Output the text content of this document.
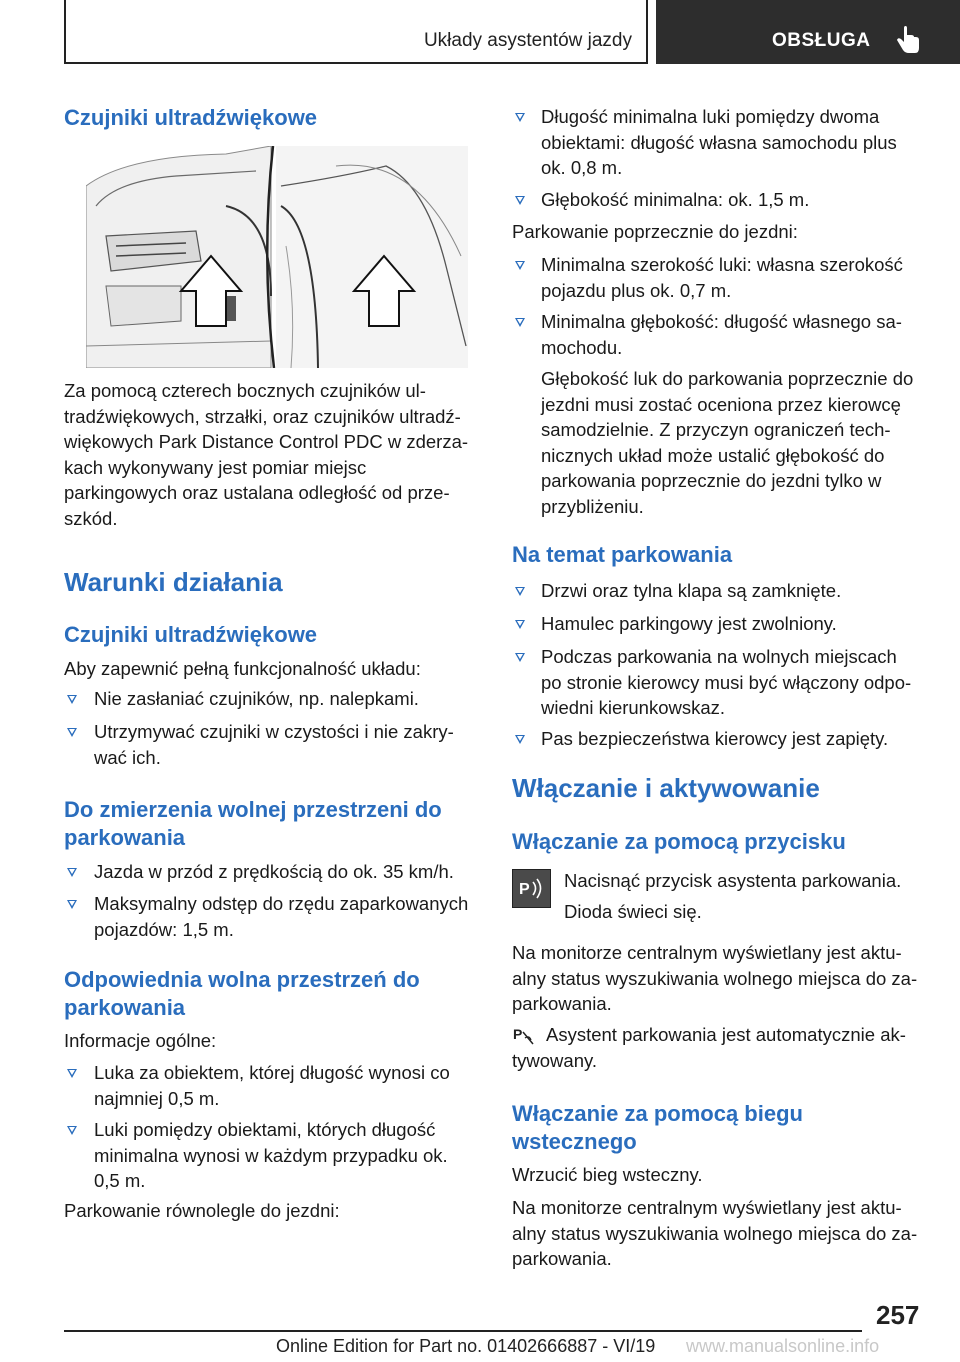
Układy asystentów jazdy	OBSŁUGA
Czujniki ultradźwiękowe
Za pomocą czterech bocznych czujników ul-
tradźwiękowych, strzałki, oraz czujników ultradź-
więkowych Park Distance Control PDC w zderza-
kach wykonywany jest pomiar miejsc
parkingowych oraz ustalana odległość od prze-
szkód.
Warunki działania
Czujniki ultradźwiękowe
Aby zapewnić pełną funkcjonalność układu:
Nie zasłaniać czujników, np. nalepkami.
Utrzymywać czujniki w czystości i nie zakry-
wać ich.
Do zmierzenia wolnej przestrzeni do
parkowania
Jazda w przód z prędkością do ok. 35 km/h.
Maksymalny odstęp do rzędu zaparkowanych
pojazdów: 1,5 m.
Odpowiednia wolna przestrzeń do
parkowania
Informacje ogólne:
Luka za obiektem, której długość wynosi co
najmniej 0,5 m.
Luki pomiędzy obiektami, których długość
minimalna wynosi w każdym przypadku ok.
0,5 m.
Parkowanie równolegle do jezdni:
Długość minimalna luki pomiędzy dwoma
obiektami: długość własna samochodu plus
ok. 0,8 m.
Głębokość minimalna: ok. 1,5 m.
Parkowanie poprzecznie do jezdni:
Minimalna szerokość luki: własna szerokość
pojazdu plus ok. 0,7 m.
Minimalna głębokość: długość własnego sa-
mochodu.
Głębokość luk do parkowania poprzecznie do
jezdni musi zostać oceniona przez kierowcę
samodzielnie. Z przyczyn ograniczeń tech-
nicznych układ może ustalić głębokość do
parkowania poprzecznie do jezdni tylko w
przybliżeniu.
Na temat parkowania
Drzwi oraz tylna klapa są zamknięte.
Hamulec parkingowy jest zwolniony.
Podczas parkowania na wolnych miejscach
po stronie kierowcy musi być włączony odpo-
wiedni kierunkowskaz.
Pas bezpieczeństwa kierowcy jest zapięty.
Włączanie i aktywowanie
Włączanie za pomocą przycisku
P Nacisnąć przycisk asystenta parkowania.
Dioda świeci się.
Na monitorze centralnym wyświetlany jest aktu-
alny status wyszukiwania wolnego miejsca do za-
parkowania.
P Asystent parkowania jest automatycznie ak-
tywowany.
Włączanie za pomocą biegu
wstecznego
Wrzucić bieg wsteczny.
Na monitorze centralnym wyświetlany jest aktu-
alny status wyszukiwania wolnego miejsca do za-
parkowania.
257
www.manualsonline.info
Online Edition for Part no. 01402666887 - VI/19
